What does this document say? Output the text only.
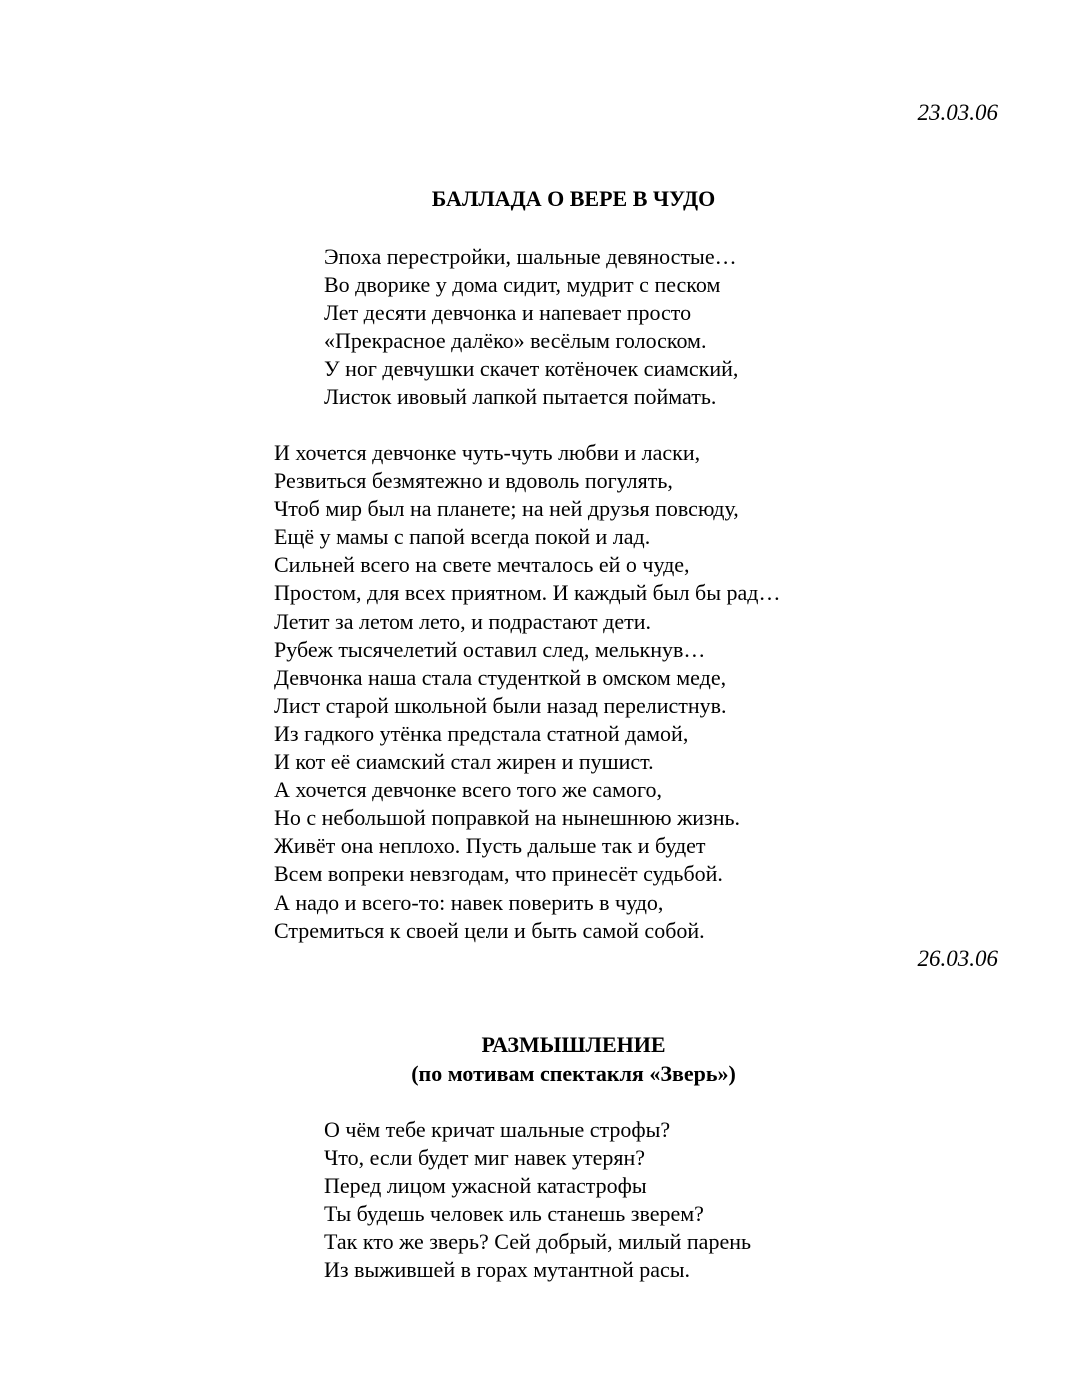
23.03.06
БАЛЛАДА О ВЕРЕ В ЧУДО
Эпоха перестройки, шальные девяностые…
Во дворике у дома сидит, мудрит с песком
Лет десяти девчонка и напевает просто
«Прекрасное далёко» весёлым голоском.
У ног девчушки скачет котёночек сиамский,
Листок ивовый лапкой пытается поймать.
И хочется девчонке чуть-чуть любви и ласки,
Резвиться безмятежно и вдоволь погулять,
Чтоб мир был на планете; на ней друзья повсюду,
Ещё у мамы с папой всегда покой и лад.
Сильней всего на свете мечталось ей о чуде,
Простом, для всех приятном. И каждый был бы рад…
Летит за летом лето, и подрастают дети.
Рубеж тысячелетий оставил след, мелькнув…
Девчонка наша стала студенткой в омском меде,
Лист старой школьной были назад перелистнув.
Из гадкого утёнка предстала статной дамой,
И кот её сиамский стал жирен и пушист.
А хочется девчонке всего того же самого,
Но с небольшой поправкой на нынешнюю жизнь.
Живёт она неплохо. Пусть дальше так и будет
Всем вопреки невзгодам, что принесёт судьбой.
А надо и всего-то: навек поверить в чудо,
Стремиться к своей цели и быть самой собой.
26.03.06
РАЗМЫШЛЕНИЕ
(по мотивам спектакля «Зверь»)
О чём тебе кричат шальные строфы?
Что, если будет миг навек утерян?
Перед лицом ужасной катастрофы
Ты будешь человек иль станешь зверем?
Так кто же зверь? Сей добрый, милый парень
Из выжившей в горах мутантной расы.
